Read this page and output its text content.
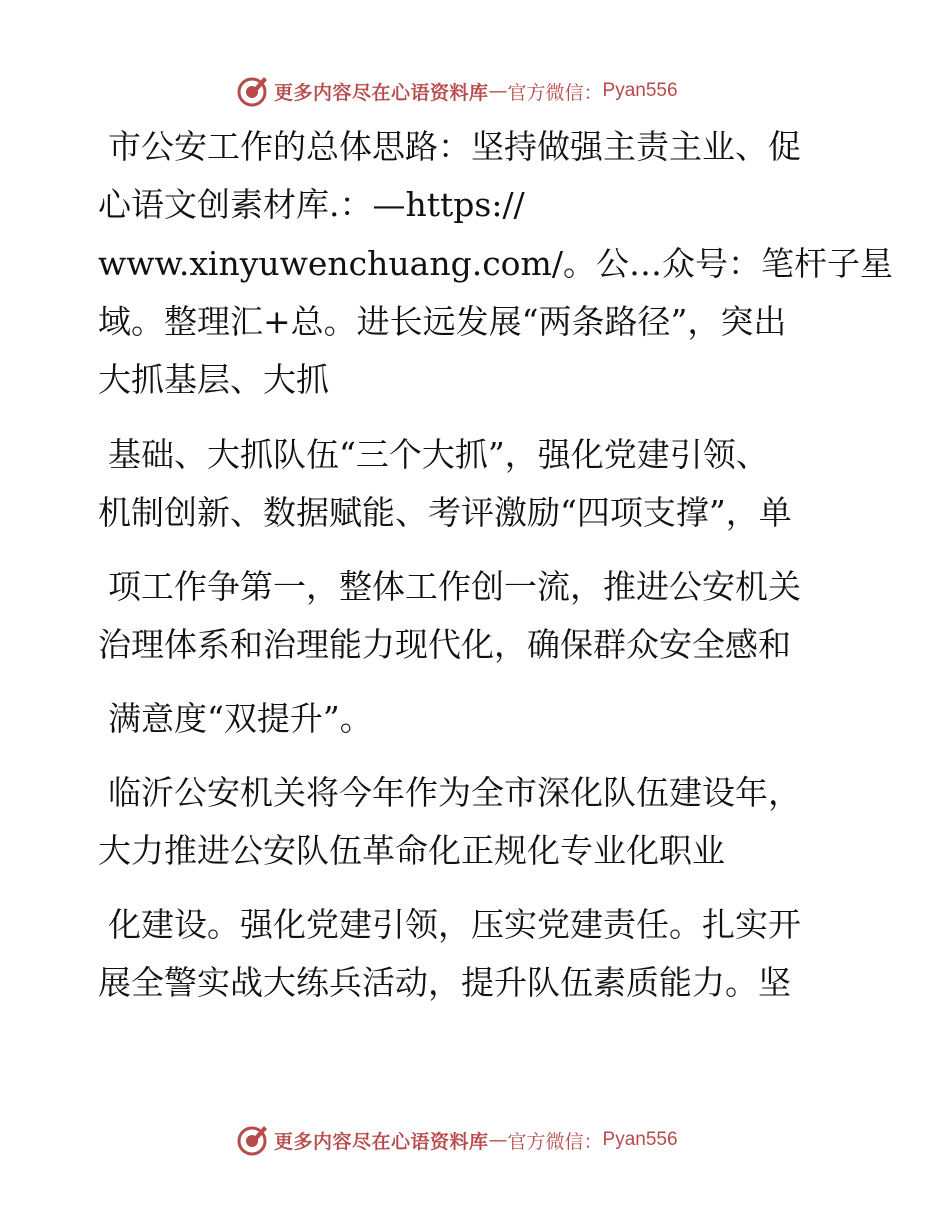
更多内容尽在心语资料库 — 官方微信： Pyan556
市公安工作的总体思路：坚持做强主责主业、促
心语文创素材库.：—https://
www.xinyuwenchuang.com/。公…众号：笔杆子星
域。整理汇+总。进长远发展“两条路径”，突出
大抓基层、大抓
基础、大抓队伍“三个大抓”，强化党建引领、
机制创新、数据赋能、考评激励“四项支撑”，单
项工作争第一，整体工作创一流，推进公安机关
治理体系和治理能力现代化，确保群众安全感和
满意度“双提升”。
临沂公安机关将今年作为全市深化队伍建设年，
大力推进公安队伍革命化正规化专业化职业
化建设。强化党建引领，压实党建责任。扎实开
展全警实战大练兵活动，提升队伍素质能力。坚
更多内容尽在心语资料库 — 官方微信： Pyan556
